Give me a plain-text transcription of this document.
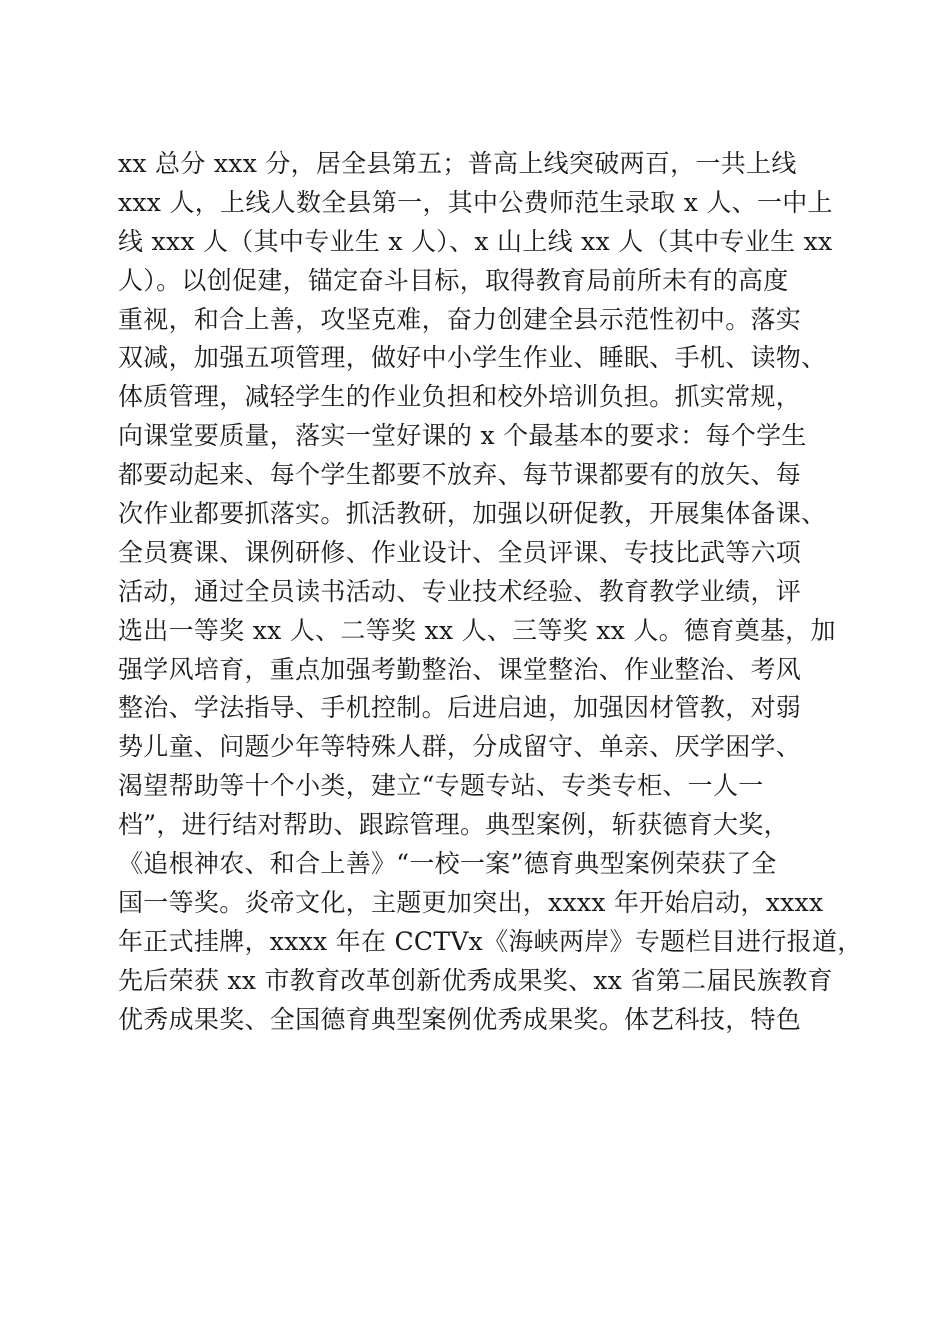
xx 总分 xxx 分，居全县第五；普高上线突破两百，一共上线
xxx 人，上线人数全县第一，其中公费师范生录取 x 人、一中上
线 xxx 人（其中专业生 x 人）、x 山上线 xx 人（其中专业生 xx
人）。以创促建，锚定奋斗目标，取得教育局前所未有的高度
重视，和合上善，攻坚克难，奋力创建全县示范性初中。落实
双减，加强五项管理，做好中小学生作业、睡眠、手机、读物、
体质管理，减轻学生的作业负担和校外培训负担。抓实常规，
向课堂要质量，落实一堂好课的 x 个最基本的要求：每个学生
都要动起来、每个学生都要不放弃、每节课都要有的放矢、每
次作业都要抓落实。抓活教研，加强以研促教，开展集体备课、
全员赛课、课例研修、作业设计、全员评课、专技比武等六项
活动，通过全员读书活动、专业技术经验、教育教学业绩，评
选出一等奖 xx 人、二等奖 xx 人、三等奖 xx 人。德育奠基，加
强学风培育，重点加强考勤整治、课堂整治、作业整治、考风
整治、学法指导、手机控制。后进启迪，加强因材管教，对弱
势儿童、问题少年等特殊人群，分成留守、单亲、厌学困学、
渴望帮助等十个小类，建立“专题专站、专类专柜、一人一
档”，进行结对帮助、跟踪管理。典型案例，斩获德育大奖，
《追根神农、和合上善》“一校一案”德育典型案例荣获了全
国一等奖。炎帝文化，主题更加突出，xxxx 年开始启动，xxxx
年正式挂牌，xxxx 年在 CCTVx《海峡两岸》专题栏目进行报道，
先后荣获 xx 市教育改革创新优秀成果奖、xx 省第二届民族教育
优秀成果奖、全国德育典型案例优秀成果奖。体艺科技，特色
